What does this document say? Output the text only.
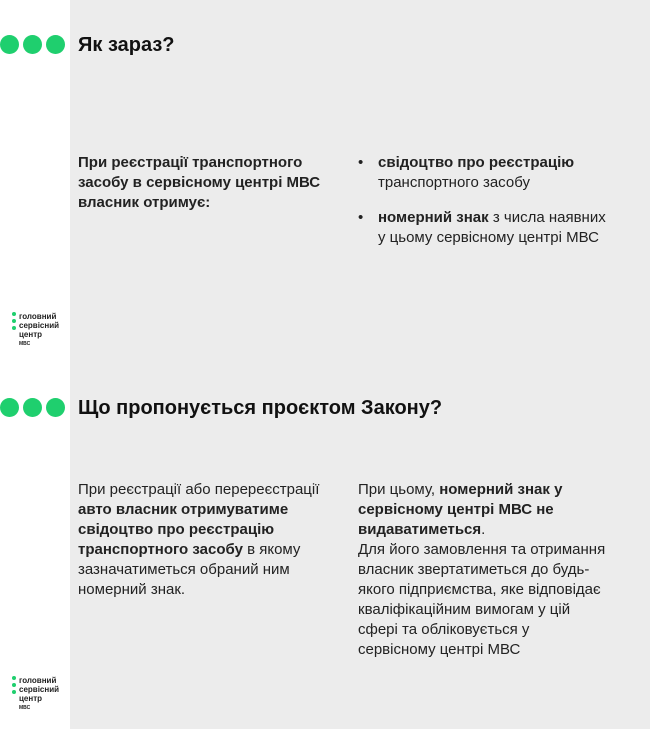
Як зараз?
При реєстрації транспортного засобу в сервісному центрі МВС власник отримує:
• свідоцтво про реєстрацію
транспортного засобу
• номерний знак з числа наявних у цьому сервісному центрі МВС
головний
сервісний
центр
МВС
Що пропонується проєктом Закону?
При реєстрації або перереєстрації авто власник отримуватиме свідоцтво про реєстрацію транспортного засобу в якому зазначатиметься обраний ним номерний знак.
При цьому, номерний знак у сервісному центрі МВС не видаватиметься.
Для його замовлення та отримання власник звертатиметься до будь-якого підприємства, яке відповідає кваліфікаційним вимогам у цій сфері та обліковується у сервісному центрі МВС
головний
сервісний
центр
МВС
